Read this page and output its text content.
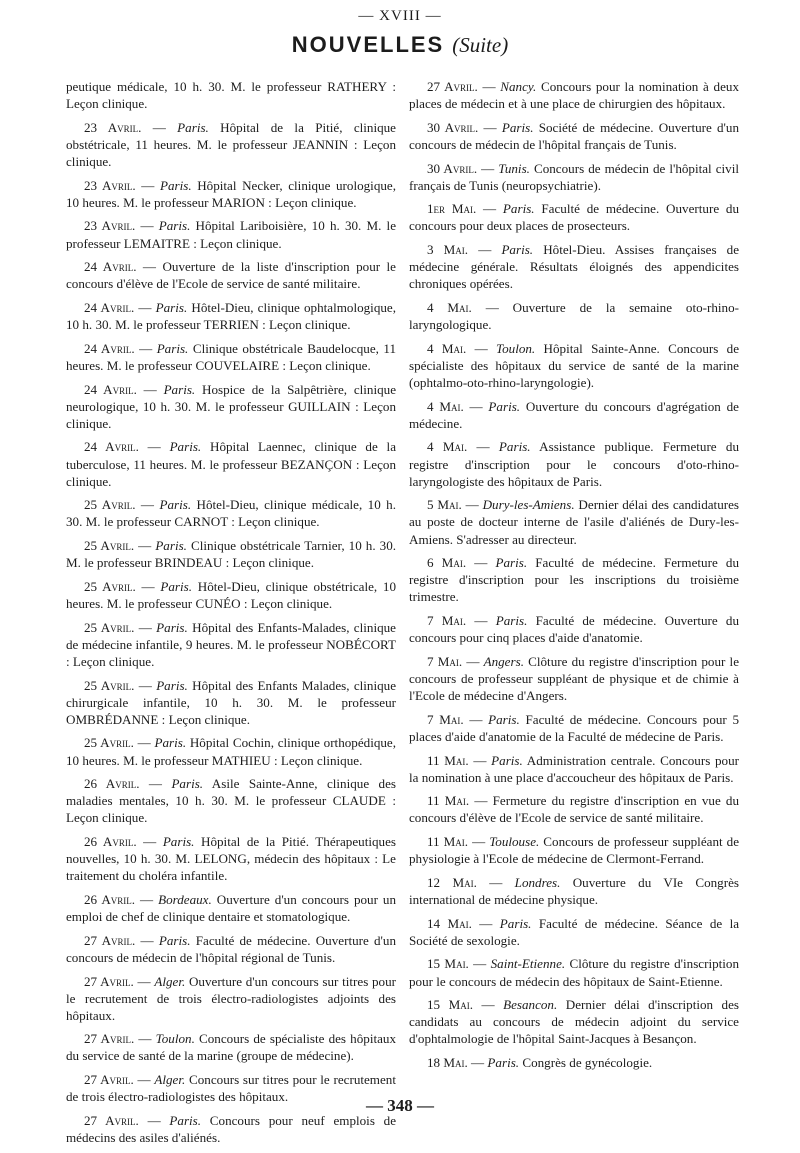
— XVIII —
NOUVELLES (Suite)

peutique médicale, 10 h. 30. M. le professeur RATHERY : Leçon clinique.

23 Avril. — Paris. Hôpital de la Pitié, clinique obstétricale, 11 heures. M. le professeur JEANNIN : Leçon clinique.

23 Avril. — Paris. Hôpital Necker, clinique urologique, 10 heures. M. le professeur MARION : Leçon clinique.

23 Avril. — Paris. Hôpital Lariboisière, 10 h. 30. M. le professeur LEMAITRE : Leçon clinique.

24 Avril. — Ouverture de la liste d'inscription pour le concours d'élève de l'Ecole de service de santé militaire.

24 Avril. — Paris. Hôtel-Dieu, clinique ophtalmologique, 10 h. 30. M. le professeur TERRIEN : Leçon clinique.

24 Avril. — Paris. Clinique obstétricale Baudelocque, 11 heures. M. le professeur COUVELAIRE : Leçon clinique.

24 Avril. — Paris. Hospice de la Salpêtrière, clinique neurologique, 10 h. 30. M. le professeur GUILLAIN : Leçon clinique.

24 Avril. — Paris. Hôpital Laennec, clinique de la tuberculose, 11 heures. M. le professeur BEZANÇON : Leçon clinique.

25 Avril. — Paris. Hôtel-Dieu, clinique médicale, 10 h. 30. M. le professeur CARNOT : Leçon clinique.

25 Avril. — Paris. Clinique obstétricale Tarnier, 10 h. 30. M. le professeur BRINDEAU : Leçon clinique.

25 Avril. — Paris. Hôtel-Dieu, clinique obstétricale, 10 heures. M. le professeur CUNÉO : Leçon clinique.

25 Avril. — Paris. Hôpital des Enfants-Malades, clinique de médecine infantile, 9 heures. M. le professeur NOBÉCORT : Leçon clinique.

25 Avril. — Paris. Hôpital des Enfants Malades, clinique chirurgicale infantile, 10 h. 30. M. le professeur OMBRÉDANNE : Leçon clinique.

25 Avril. — Paris. Hôpital Cochin, clinique orthopédique, 10 heures. M. le professeur MATHIEU : Leçon clinique.

26 Avril. — Paris. Asile Sainte-Anne, clinique des maladies mentales, 10 h. 30. M. le professeur CLAUDE : Leçon clinique.

26 Avril. — Paris. Hôpital de la Pitié. Thérapeutiques nouvelles, 10 h. 30. M. LELONG, médecin des hôpitaux : Le traitement du choléra infantile.

26 Avril. — Bordeaux. Ouverture d'un concours pour un emploi de chef de clinique dentaire et stomatologique.

27 Avril. — Paris. Faculté de médecine. Ouverture d'un concours de médecin de l'hôpital régional de Tunis.

27 Avril. — Alger. Ouverture d'un concours sur titres pour le recrutement de trois électro-radiologistes adjoints des hôpitaux.

27 Avril. — Toulon. Concours de spécialiste des hôpitaux du service de santé de la marine (groupe de médecine).

27 Avril. — Alger. Concours sur titres pour le recrutement de trois électro-radiologistes des hôpitaux.

27 Avril. — Paris. Concours pour neuf emplois de médecins des asiles d'aliénés.

27 Avril. — Nancy. Concours pour la nomination à deux places de médecin et à une place de chirurgien des hôpitaux.

30 Avril. — Paris. Société de médecine. Ouverture d'un concours de médecin de l'hôpital français de Tunis.

30 Avril. — Tunis. Concours de médecin de l'hôpital civil français de Tunis (neuropsychiatrie).

1er Mai. — Paris. Faculté de médecine. Ouverture du concours pour deux places de prosecteurs.

3 Mai. — Paris. Hôtel-Dieu. Assises françaises de médecine générale. Résultats éloignés des appendicites chroniques opérées.

4 Mai. — Ouverture de la semaine oto-rhino-laryngologique.

4 Mai. — Toulon. Hôpital Sainte-Anne. Concours de spécialiste des hôpitaux du service de santé de la marine (ophtalmo-oto-rhino-laryngologie).

4 Mai. — Paris. Ouverture du concours d'agrégation de médecine.

4 Mai. — Paris. Assistance publique. Fermeture du registre d'inscription pour le concours d'oto-rhino-laryngologiste des hôpitaux de Paris.

5 Mai. — Dury-les-Amiens. Dernier délai des candidatures au poste de docteur interne de l'asile d'aliénés de Dury-les-Amiens. S'adresser au directeur.

6 Mai. — Paris. Faculté de médecine. Fermeture du registre d'inscription pour les inscriptions du troisième trimestre.

7 Mai. — Paris. Faculté de médecine. Ouverture du concours pour cinq places d'aide d'anatomie.

7 Mai. — Angers. Clôture du registre d'inscription pour le concours de professeur suppléant de physique et de chimie à l'Ecole de médecine d'Angers.

7 Mai. — Paris. Faculté de médecine. Concours pour 5 places d'aide d'anatomie de la Faculté de médecine de Paris.

11 Mai. — Paris. Administration centrale. Concours pour la nomination à une place d'accoucheur des hôpitaux de Paris.

11 Mai. — Fermeture du registre d'inscription en vue du concours d'élève de l'Ecole de service de santé militaire.

11 Mai. — Toulouse. Concours de professeur suppléant de physiologie à l'Ecole de médecine de Clermont-Ferrand.

12 Mai. — Londres. Ouverture du VIe Congrès international de médecine physique.

14 Mai. — Paris. Faculté de médecine. Séance de la Société de sexologie.

15 Mai. — Saint-Etienne. Clôture du registre d'inscription pour le concours de médecin des hôpitaux de Saint-Etienne.

15 Mai. — Besancon. Dernier délai d'inscription des candidats au concours de médecin adjoint du service d'ophtalmologie de l'hôpital Saint-Jacques à Besançon.

18 Mai. — Paris. Congrès de gynécologie.

— 348 —
